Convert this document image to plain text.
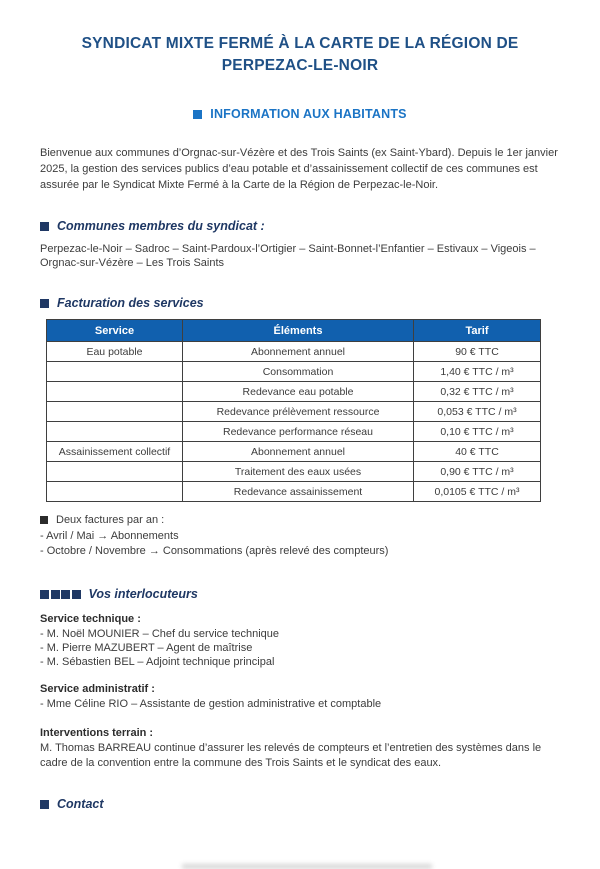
SYNDICAT MIXTE FERMÉ À LA CARTE DE LA RÉGION DE
PERPEZAC-LE-NOIR
INFORMATION AUX HABITANTS
Bienvenue aux communes d’Orgnac-sur-Vézère et des Trois Saints (ex Saint-Ybard). Depuis le 1er janvier 2025, la gestion des services publics d’eau potable et d’assainissement collectif de ces communes est assurée par le Syndicat Mixte Fermé à la Carte de la Région de Perpezac-le-Noir.
Communes membres du syndicat :
Perpezac-le-Noir – Sadroc – Saint-Pardoux-l’Ortigier – Saint-Bonnet-l’Enfantier – Estivaux – Vigeois – Orgnac-sur-Vézère – Les Trois Saints
Facturation des services
Service	Éléments	Tarif
Eau potable	Abonnement annuel	90 € TTC
	Consommation	1,40 € TTC / m³
	Redevance eau potable	0,32 € TTC / m³
	Redevance prélèvement ressource	0,053 € TTC / m³
	Redevance performance réseau	0,10 € TTC / m³
Assainissement collectif	Abonnement annuel	40 € TTC
	Traitement des eaux usées	0,90 € TTC / m³
	Redevance assainissement	0,0105 € TTC / m³
Deux factures par an :
- Avril / Mai → Abonnements
- Octobre / Novembre → Consommations (après relevé des compteurs)
Vos interlocuteurs
Service technique :
- M. Noël MOUNIER – Chef du service technique
- M. Pierre MAZUBERT – Agent de maîtrise
- M. Sébastien BEL – Adjoint technique principal
Service administratif :
- Mme Céline RIO – Assistante de gestion administrative et comptable
Interventions terrain :
M. Thomas BARREAU continue d’assurer les relevés de compteurs et l’entretien des systèmes dans le cadre de la convention entre la commune des Trois Saints et le syndicat des eaux.
Contact
